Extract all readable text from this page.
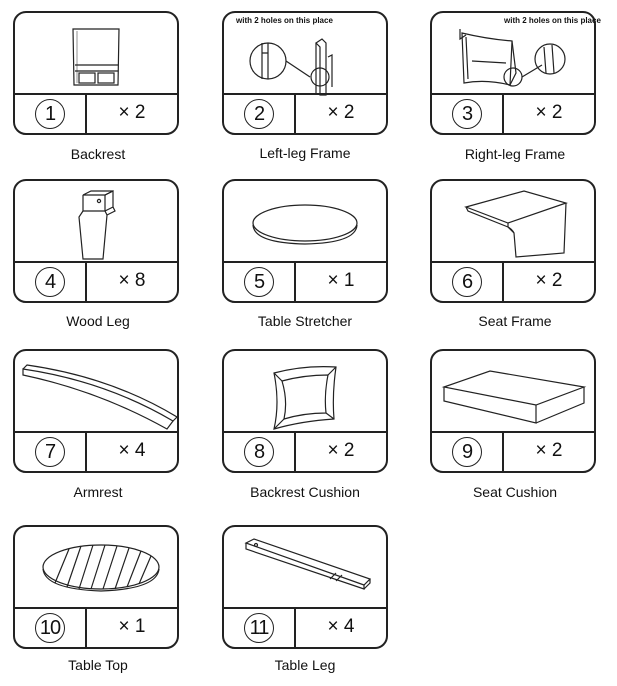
1	× 2
Backrest
with 2 holes on this place
2	× 2
Left-leg Frame
with 2 holes on this place
3	× 2
Right-leg Frame
4	× 8
Wood Leg
5	× 1
Table Stretcher
6	× 2
Seat Frame
7	× 4
Armrest
8	× 2
Backrest Cushion
9	× 2
Seat Cushion
10	× 1
Table Top
11	× 4
Table Leg
